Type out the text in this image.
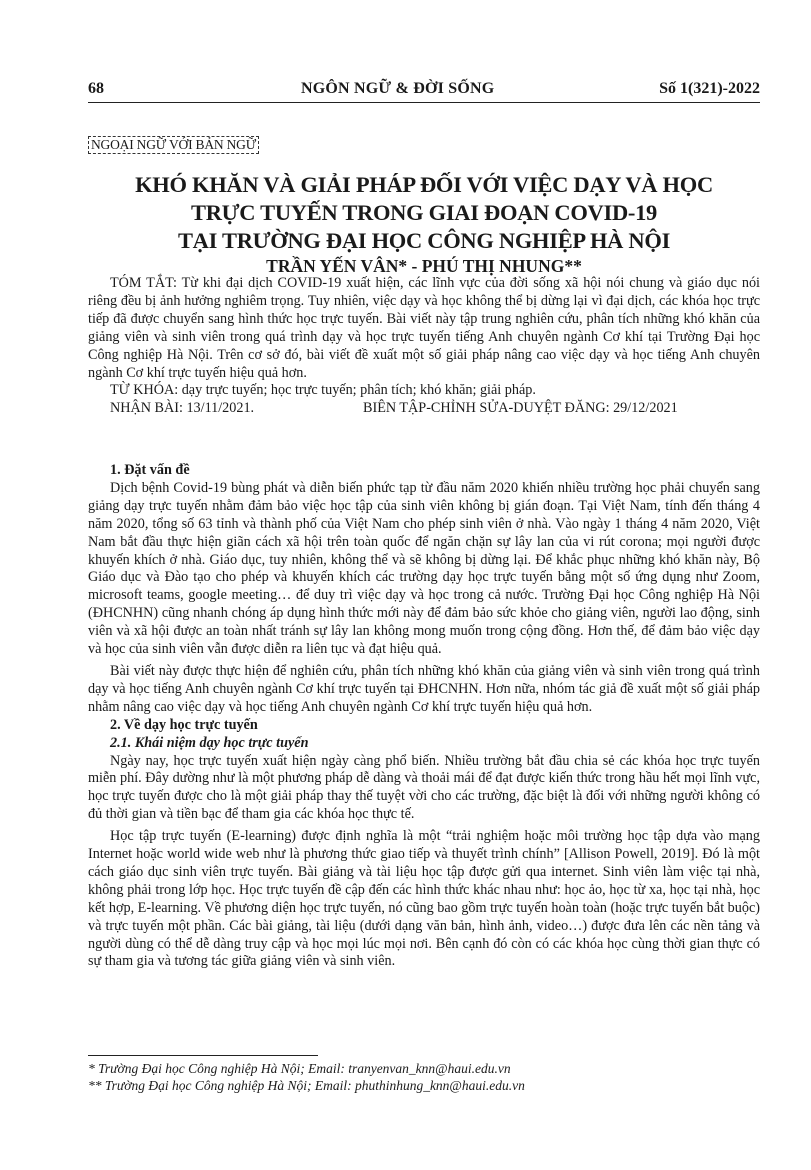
68	NGÔN NGỮ & ĐỜI SỐNG	Số 1(321)-2022
NGOẠI NGỮ VỚI BẢN NGỮ
KHÓ KHĂN VÀ GIẢI PHÁP ĐỐI VỚI VIỆC DẠY VÀ HỌC
TRỰC TUYẾN TRONG GIAI ĐOẠN COVID-19
TẠI TRƯỜNG ĐẠI HỌC CÔNG NGHIỆP HÀ NỘI
TRẦN YẾN VÂN* - PHÚ THỊ NHUNG**

TÓM TẮT: Từ khi đại dịch COVID-19 xuất hiện, các lĩnh vực của đời sống xã hội nói chung và giáo dục nói riêng đều bị ảnh hưởng nghiêm trọng. Tuy nhiên, việc dạy và học không thể bị dừng lại vì đại dịch, các khóa học trực tiếp đã được chuyển sang hình thức học trực tuyến. Bài viết này tập trung nghiên cứu, phân tích những khó khăn của giảng viên và sinh viên trong quá trình dạy và học trực tuyến tiếng Anh chuyên ngành Cơ khí tại Trường Đại học Công nghiệp Hà Nội. Trên cơ sở đó, bài viết đề xuất một số giải pháp nâng cao việc dạy và học tiếng Anh chuyên ngành Cơ khí trực tuyến hiệu quả hơn.

TỪ KHÓA: dạy trực tuyến; học trực tuyến; phân tích; khó khăn; giải pháp.

NHẬN BÀI: 13/11/2021.	BIÊN TẬP-CHỈNH SỬA-DUYỆT ĐĂNG: 29/12/2021

1. Đặt vấn đề

Dịch bệnh Covid-19 bùng phát và diễn biến phức tạp từ đầu năm 2020 khiến nhiều trường học phải chuyển sang giảng dạy trực tuyến nhằm đảm bảo việc học tập của sinh viên không bị gián đoạn. Tại Việt Nam, tính đến tháng 4 năm 2020, tổng số 63 tỉnh và thành phố của Việt Nam cho phép sinh viên ở nhà. Vào ngày 1 tháng 4 năm 2020, Việt Nam bắt đầu thực hiện giãn cách xã hội trên toàn quốc để ngăn chặn sự lây lan của vi rút corona; mọi người được khuyến khích ở nhà. Giáo dục, tuy nhiên, không thể và sẽ không bị dừng lại. Để khắc phục những khó khăn này, Bộ Giáo dục và Đào tạo cho phép và khuyến khích các trường dạy học trực tuyến bằng một số ứng dụng như Zoom, microsoft teams, google meeting… để duy trì việc dạy và học trong cả nước. Trường Đại học Công nghiệp Hà Nội (ĐHCNHN) cũng nhanh chóng áp dụng hình thức mới này để đảm bảo sức khỏe cho giảng viên, người lao động, sinh viên và xã hội được an toàn nhất tránh sự lây lan không mong muốn trong cộng đồng. Hơn thế, để đảm bảo việc dạy và học của sinh viên vẫn được diễn ra liên tục và đạt hiệu quả.

Bài viết này được thực hiện để nghiên cứu, phân tích những khó khăn của giảng viên và sinh viên trong quá trình dạy và học tiếng Anh chuyên ngành Cơ khí trực tuyến tại ĐHCNHN. Hơn nữa, nhóm tác giả đề xuất một số giải pháp nhằm nâng cao việc dạy và học tiếng Anh chuyên ngành Cơ khí trực tuyến hiệu quả hơn.

2. Về dạy học trực tuyến

2.1. Khái niệm dạy học trực tuyến

Ngày nay, học trực tuyến xuất hiện ngày càng phổ biến. Nhiều trường bắt đầu chia sẻ các khóa học trực tuyến miễn phí. Đây dường như là một phương pháp dễ dàng và thoải mái để đạt được kiến thức trong hầu hết mọi lĩnh vực, học trực tuyến được cho là một giải pháp thay thế tuyệt vời cho các trường, đặc biệt là đối với những người không có đủ thời gian và tiền bạc để tham gia các khóa học thực tế.

Học tập trực tuyến (E-learning) được định nghĩa là một “trải nghiệm hoặc môi trường học tập dựa vào mạng Internet hoặc world wide web như là phương thức giao tiếp và thuyết trình chính” [Allison Powell, 2019]. Đó là một cách giáo dục sinh viên trực tuyến. Bài giảng và tài liệu học tập được gửi qua internet. Sinh viên làm việc tại nhà, không phải trong lớp học. Học trực tuyến đề cập đến các hình thức khác nhau như: học ảo, học từ xa, học tại nhà, học kết hợp, E-learning. Về phương diện học trực tuyến, nó cũng bao gồm trực tuyến hoàn toàn (hoặc trực tuyến bắt buộc) và trực tuyến một phần. Các bài giảng, tài liệu (dưới dạng văn bản, hình ảnh, video…) được đưa lên các nền tảng và người dùng có thể dễ dàng truy cập và học mọi lúc mọi nơi. Bên cạnh đó còn có các khóa học cùng thời gian thực có sự tham gia và tương tác giữa giảng viên và sinh viên.

* Trường Đại học Công nghiệp Hà Nội; Email: tranyenvan_knn@haui.edu.vn

** Trường Đại học Công nghiệp Hà Nội; Email: phuthinhung_knn@haui.edu.vn
